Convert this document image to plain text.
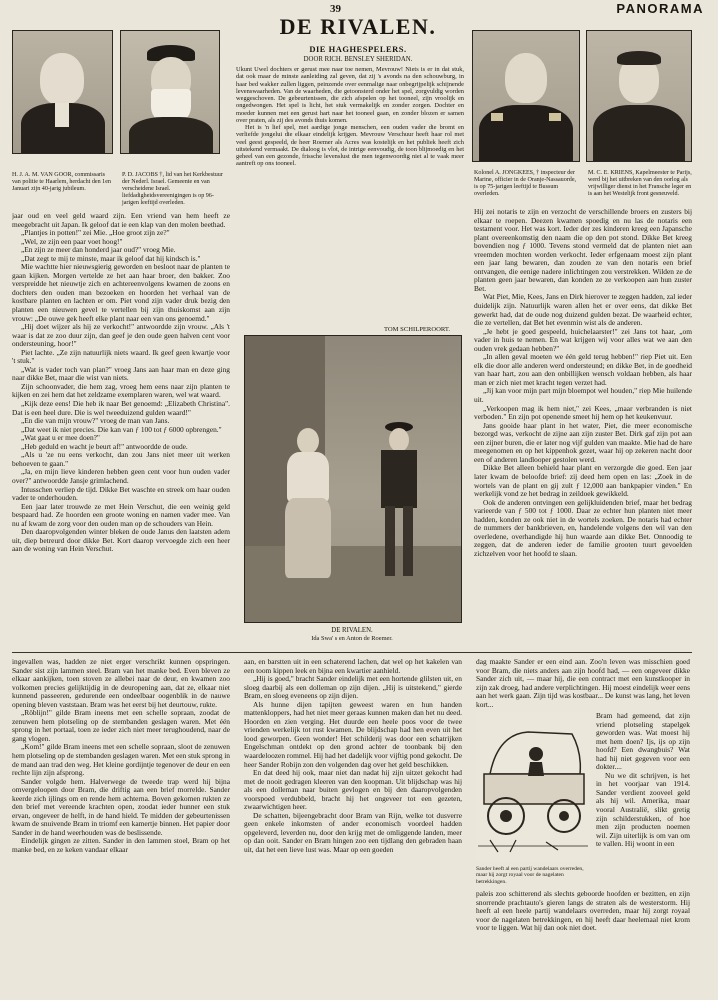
39	PANORAMA
H. J. A. M. VAN GOOR, commissaris van politie te Haarlem, herdacht den 1en Januari zijn 40-jarig jubileum.
P. D. JACOBS †, lid van het Kerkbestuur der Nederl. Israel. Gemeente en van verscheidene Israel. liefdadigheidsvereenigingen is op 96-jarigen leeftijd overleden.
DE RIVALEN.
DIE HAGHESPELERS.
DOOR RICH. BENSLEY SHERIDAN.

Ukunt Uwel dochters er gerust mee naar toe nemen, Mevrouw! Niets is er in dat stuk, dat ook maar de minste aanleiding zal geven, dat zij 's avonds na den schouwburg, in haar bed wakker zullen liggen, peinzende over eenmalige naar onbegrijpelijk schijnende levenswaarheden. Van de waarheden, die getoonsterd onder het spel, zorgvuldig worden weggeschoven. De gebeurtenissen, die zich afspelen op het tooneel, zijn vroolijk en ongedwongen. Het spel is licht, het stuk vermakelijk en zonder zorgen. Dochter en moeder kunnen met een gerust hart naar het tooneel gaan, en zonder blozen er samen over praten, als zij des avonds thuis komen.

Het is 'n lief spel, met aardige jonge menschen, een ouden vader die bromt en verliefde jongelui die elkaar eindelijk krijgen. Mevrouw Verschuur heeft haar rol met veel geest gespeeld, de heer Roemer als Acres was kostelijk en het publiek heeft zich uitstekend vermaakt. De dialoog is vlot, de intrige eenvoudig, de toon blijmoedig en het geheel van een gezonde, frissche levenslust die men tegenwoordig niet al te vaak meer aantreft op ons tooneel.

TOM SCHILPEROORT.
Kolonel A. JONGKEES, † inspecteur der Marine, officier in de Oranje-Nassauorde, is op 75-jarigen leeftijd te Bussum overleden.
M. C. E. KRIENS, Kapelmeester te Parijs, werd bij het uitbreken van den oorlog als vrijwilliger dienst in het Fransche leger en is aan het Westelijk front gesneuveld.

jaar oud en veel geld waard zijn. Een vriend van hem heeft ze meegebracht uit Japan. Ik geloof dat ie een klap van den molen beethad.

„Plantjes in potten!" zei Mie. „Hoe groot zijn ze?"

„Wel, ze zijn een paar voet hoog!"

„En zijn ze meer dan honderd jaar oud?" vroeg Mie.

„Dat zegt te mij te minste, maar ik geloof dat hij kindsch is."

Mie wachtte hier nieuwsgierig geworden en besloot naar de planten te gaan kijken. Morgen vertelde ze het aan haar broer, den bakker. Zoo verspreidde het nieuwtje zich en achtereenvolgens kwamen de zoons en dochters den ouden man bezoeken en hoorden het verhaal van de kostbare planten en lachten er om. Piet vond zijn vader druk bezig den planten een nieuwen gevel te vertellen bij zijn thuiskomst aan zijn vrouw: „De ouwe gek heeft elke plant naar een van ons genoemd."

„Hij doet wijzer als hij ze verkocht!" antwoordde zijn vrouw. „Als 't waar is dat ze zoo duur zijn, dan geef je den oude geen halven cent voor ondersteuning, hoor!"

Piet lachte. „Ze zijn natuurlijk niets waard. Ik geef geen kwartje voor 't stuk."

„Wat is vader toch van plan?" vroeg Jans aan haar man en deze ging naar dikke Bet, maar die wist van niets.

Zijn schoonvader, die hem zag, vroeg hem eens naar zijn planten te kijken en zei hem dat het zeldzame exemplaren waren, wel wat waard.

„Kijk deze eens! Die heb ik naar Bet genoemd: „Elizabeth Christina". Dat is een heel dure. Die is wel tweeduizend gulden waard!"

„En die van mijn vrouw?" vroeg de man van Jans.

„Dat weet ik niet precies. Die kan van ƒ 100 tot ƒ 6000 opbrengen."

„Wat gaat u er mee doen?"

„Heb geduld en wacht je beurt af!" antwoordde de oude.

„Als u 'ze nu eens verkocht, dan zou Jans niet meer uit werken behoeven te gaan."

„Ja, en mijn lieve kinderen hebben geen cent voor hun ouden vader over?" antwoordde Jansje grimlachend.

Intusschen verliep de tijd. Dikke Bet waschte en streek om haar ouden vader te onderhouden.

Een jaar later trouwde ze met Hein Verschut, die een weinig geld bespaard had. Ze hoorden een groote woning en namen vader mee. Van nu af kwam de zorg voor den ouden man op de schouders van Hein.

Den daaropvolgenden winter bleken de oude Janus den laatsten adem uit, diep betreurd door dikke Bet. Kort daarop vervoegde zich een heer aan de woning van Hein Verschut.

DE RIVALEN.
Ida Swa' s en Anton de Roemer.

Hij zei notaris te zijn en verzocht de verschillende broers en zusters bij elkaar te roepen. Deezen kwamen spoedig en nu las de notaris een testament voor. Het was kort. Ieder der zes kinderen kreeg een Japansche plant overeenkomstig den naam die op den pot stond. Dikke Bet kreeg bovendien nog ƒ 1000. Tevens stond vermeld dat de planten niet aan vreemden mochten worden verkocht. Ieder erfgenaam moest zijn plant een jaar lang bewaren, dan zouden ze van den notaris een brief ontvangen, die eenige nadere inlichtingen zou verstrekken. Wilden ze de planten geen jaar bewaren, dan konden ze ze verkoopen aan hun zuster Bet.

Wat Piet, Mie, Kees, Jans en Dirk hierover te zeggen hadden, zal ieder duidelijk zijn. Natuurlijk waren allen het er over eens, dat dikke Bet gewerkt had, dat de oude nog duizend gulden bezat. De waarheid echter, die ze vertellen, dat Bet het evenmin wist als de anderen.

„Je hebt je goed gespeeld, huichelaarster!" zei Jans tot haar, „om vader in huis te nemen. En wat krijgen wij voor alles wat we aan den ouden vrek gedaan hebben?"

„In allen geval moeten we één geld terug hebben!" riep Piet uit. Een elk die door alle anderen werd ondersteund; en dikke Bet, in de goedheid van haar hart, zou aan den onbillijken wensch voldaan hebben, als haar man er zich niet met kracht tegen verzet had.

„Jij kan voor mijn part mijn bloempot wel houden," riep Mie huilende uit.

„Verkoopen mag ik hem niet," zei Kees, „maar verbranden is niet verboden." En zijn pot openende smeet hij hem op het keukenvuur.

Jans gooide haar plant in het water, Piet, die meer economische bezorgd was, verkocht de zijne aan zijn zuster Bet. Dirk gaf zijn pot aan een zijner buren, die er later nog vijf gulden van maakte. Mie had de hare meegenomen en op het kippenhok gezet, waar hij op zekeren nacht door een of anderen landlooper gestolen werd.

Dikke Bet alleen behield haar plant en verzorgde die goed. Een jaar later kwam de beloofde brief: zij deed hem open en las: „Zoek in de wortels van de plant en gij zult ƒ 12,000 aan bankpapier vinden." En werkelijk vond ze het bedrag in zeildoek gewikkeld.

Ook de anderen ontvingen een gelijkluidenden brief, maar het bedrag varieerde van ƒ 500 tot ƒ 1000. Daar ze echter hun planten niet meer hadden, konden ze ook niet in de wortels zoeken. De notaris had echter de nummers der bankbrieven, en, handelende volgens den wil van den overledene, overhandigde hij hun waarde aan dikke Bet. Onnoodig te zeggen, dat de anderen ieder de familie grooten tuurt gevoelden zichzelven voor het hoofd te slaan.

ingevallen was, hadden ze niet erger verschrikt kunnen opspringen. Sander sist zijn lammen steel. Bram van het manke bed. Even bleven ze elkaar aankijken, toen stoven ze allebei naar de deur, en kwamen zoo volkomen precies gelijktijdig in de deuropening aan, dat ze, elkaar niet kunnend passeeren, gedurende een ondeelbaar oogenblik in de nauwe opening bleven vaststaan. Bram was het eerst bij het deurtouw, rukte.

„Röblijn!" gilde Bram ineens met een schelle sopraan, zoodat de zenuwen hem plotseling op de stembanden geslagen waren. Met één sprong in het portaal, toen ze ieder zich niet meer terughoudend, naar de gang vlogen.

„Kom!" gilde Bram ineens met een schelle sopraan, sloot de zenuwen hem plotseling op de stembanden geslagen waren. Met een stuk sprong in de mand aan trad den weg. Het kleine gordijntje tegenover de deur en een rechte lijn zijn afsprong.

Sander volgde hem. Halverwege de tweede trap werd hij bijna omvergeloopen door Bram, die driftig aan een brief morrelde. Sander keerde zich ijlings om en rende hem achterna. Boven gekomen rukten ze den brief met vereende krachten open, zoodat ieder hunner een stuk ervan, ongeveer de helft, in de hand hield. Te midden der gebeurtenissen kwam de snuivende Bram in triomf een kamertje binnen. Het papier door Sander in de hand weerhouden was de beslissende.

Eindelijk gingen ze zitten. Sander in den lammen stoel, Bram op het manke bed, en ze keken vandaar elkaar

aan, en barstten uit in een schaterend lachen, dat wel op het kakelen van een toom kippen leek en bijna een kwartier aanhield.

„Hij is goed," bracht Sander eindelijk met een hortende glilsten uit, en sloeg daarbij als een dolleman op zijn dijen. „Hij is uitstekend," gierde Bram, en sloeg eveneens op zijn dijen.

Als hunne dijen tapijten geweest waren en hun handen mattenkloppers, had het niet meer geraas kunnen maken dan het nu deed. Hoorden en zien verging. Het duurde een heele poos voor de twee vrienden werkelijk tot rust kwamen. De blijdschap had hen even uit het lood geworpen. Geen wonder! Het schilderij was door een schatrijken Engelschman ontdekt op den grond achter de toonbank bij den waardeloozen rommel. Hij had het dadelijk voor vijftig pond gekocht. De heer Sander Robijn zon den volgenden dag over het geld beschikken.

En dat deed hij ook, maar niet dan nadat hij zijn uitzet gekocht had met de nooit gedragen kleeren van den koopman. Uit blijdschap was hij als een dolleman naar buiten gevlogen en bij den daaropvolgenden voorspoed verdubbeld, bracht hij het ongeveer tot een gezeten, zwaarwichtigen heer.

De schatten, bijeengebracht door Bram van Rijn, welke tot dusverre geen enkele inkomsten of ander economisch voordeel hadden opgeleverd, leverden nu, door den krijg met de omliggende landen, meer op dan ooit. Sander en Bram hingen zoo een tijdlang den gebraden haan uit, dat het een lieve lust was. Maar op een goeden

dag maakte Sander er een eind aan. Zoo'n leven was misschien goed voor Bram, die niets anders aan zijn hoofd had, — een ongeveer dikke Sander zich uit, — maar hij, die een contract met een kunstkooper in zijn zak droeg, had andere verplichtingen. Hij moest eindelijk weer eens aan het werk gaan. Zijn tijd was kostbaar... De kunst was lang, het leven kort...

Sander heeft al een partij wandelaars overreden, maar hij zorgt royaal voor de nagelaten betrekkingen.

Bram had gemeend, dat zijn vriend plotseling stapelgek geworden was. Wat moest hij met hem doen? Ijs, ijs op zijn hoofd? Een dwangbuis? Wat had hij niet gegeven voor een dokter....

Nu we dit schrijven, is het in het voorjaar van 1914. Sander verdient zooveel geld als hij wil. Amerika, maar vooral Australië, slikt gretig zijn schilderstukken, of hoe men zijn producten noemen wil. Zijn uiterlijk is om van om te vallen. Hij woont in een

paleis zoo schitterend als slechts geboorde hoofden er bezitten, en zijn snorrende prachtauto's gieren langs de straten als de westerstorm. Hij heeft al een heele partij wandelaars overreden, maar hij zorgt royaal voor de nagelaten betrekkingen, en hij heeft daar heelemaal niet krom voor te liggen. Wat hij dan ook niet doet.
